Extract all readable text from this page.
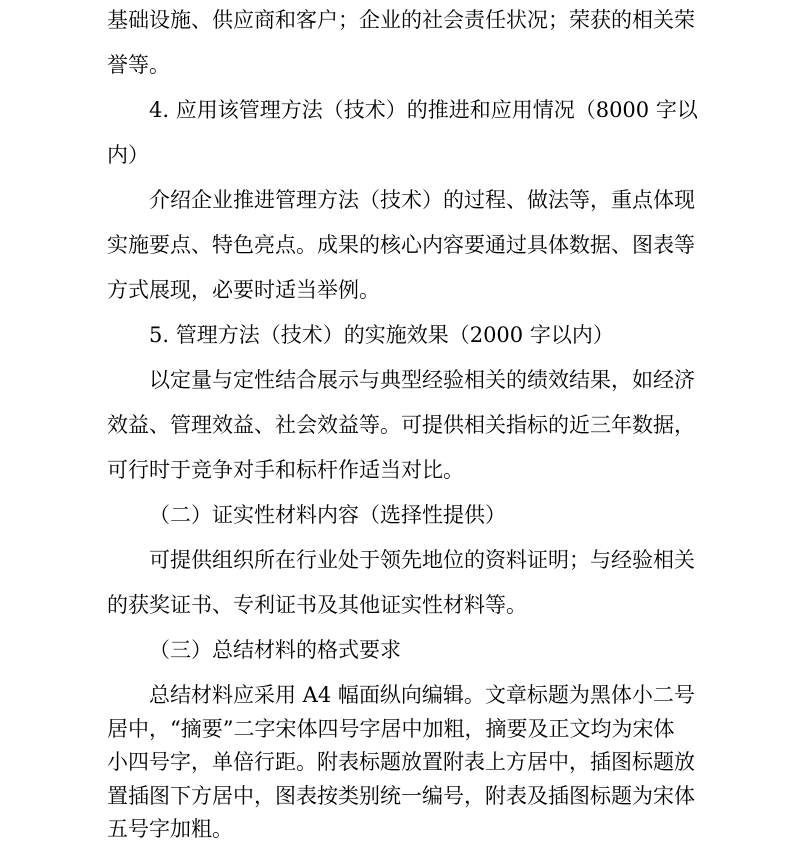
基础设施、供应商和客户；企业的社会责任状况；荣获的相关荣
誉等。
4. 应用该管理方法（技术）的推进和应用情况（8000 字以
内）
介绍企业推进管理方法（技术）的过程、做法等，重点体现
实施要点、特色亮点。成果的核心内容要通过具体数据、图表等
方式展现，必要时适当举例。
5. 管理方法（技术）的实施效果（2000 字以内）
以定量与定性结合展示与典型经验相关的绩效结果，如经济
效益、管理效益、社会效益等。可提供相关指标的近三年数据，
可行时于竞争对手和标杆作适当对比。
（二）证实性材料内容（选择性提供）
可提供组织所在行业处于领先地位的资料证明；与经验相关
的获奖证书、专利证书及其他证实性材料等。
（三）总结材料的格式要求
总结材料应采用 A4 幅面纵向编辑。文章标题为黑体小二号
居中，“摘要”二字宋体四号字居中加粗，摘要及正文均为宋体
小四号字，单倍行距。附表标题放置附表上方居中，插图标题放
置插图下方居中，图表按类别统一编号，附表及插图标题为宋体
五号字加粗。
